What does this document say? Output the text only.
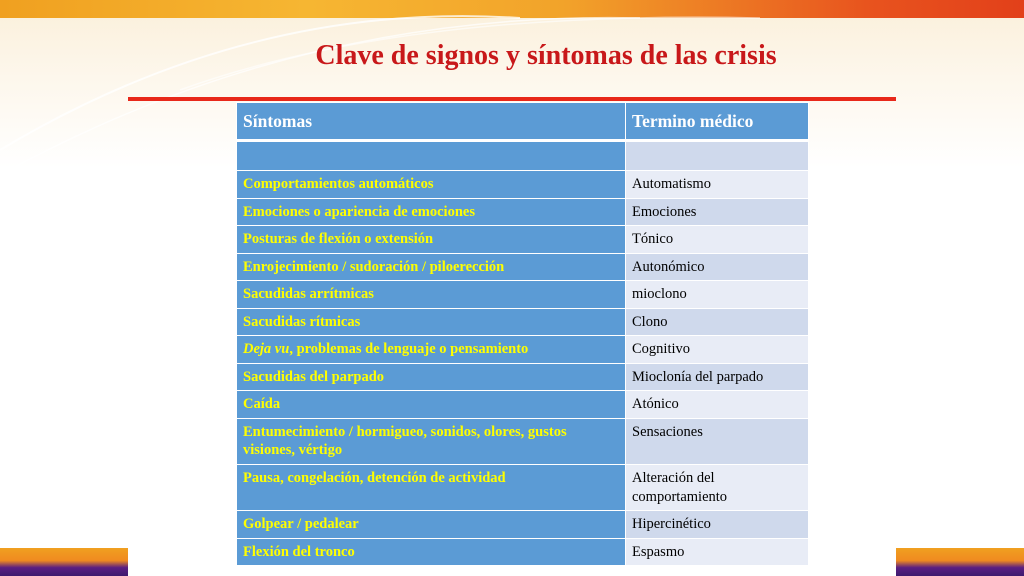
Clave de signos y síntomas de las crisis
Síntomas	Termino médico

Comportamientos automáticos	Automatismo
Emociones o apariencia de emociones	Emociones
Posturas de flexión o extensión	Tónico
Enrojecimiento / sudoración / piloerección	Autonómico
Sacudidas arrítmicas	mioclono
Sacudidas rítmicas	Clono
Deja vu, problemas de lenguaje o pensamiento	Cognitivo
Sacudidas del parpado	Mioclonía del parpado
Caída	Atónico
Entumecimiento / hormigueo, sonidos, olores, gustos visiones, vértigo	Sensaciones
Pausa, congelación, detención de actividad	Alteración del comportamiento
Golpear / pedalear	Hipercinético
Flexión del tronco	Espasmo
